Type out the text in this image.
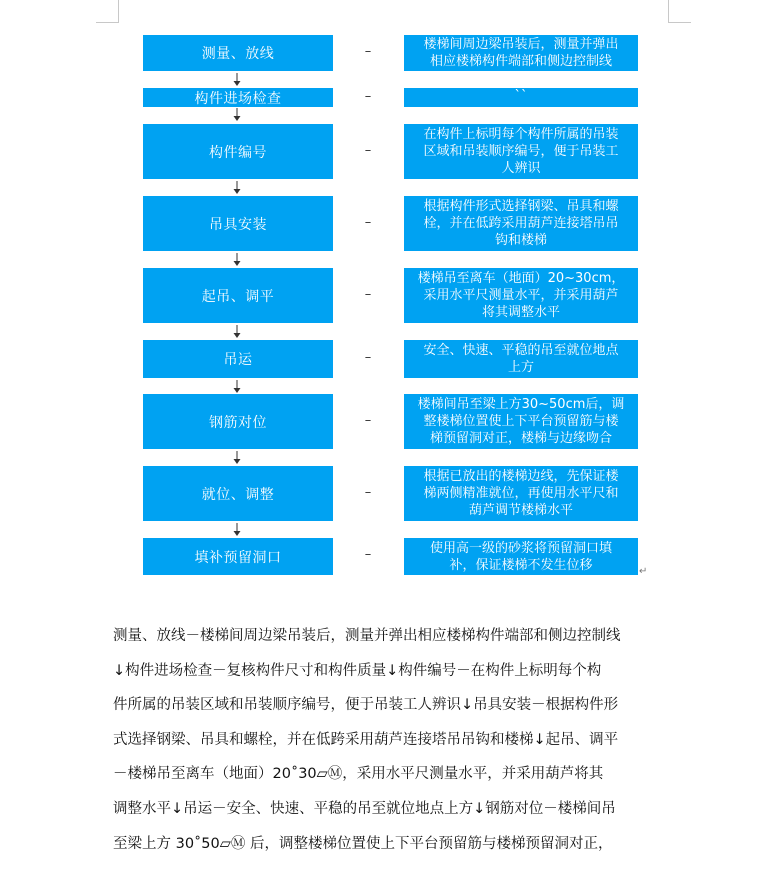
测量、放线	–	楼梯间周边梁吊装后，测量并弹出
相应楼梯构件端部和侧边控制线
构件进场检查	–	``
构件编号	–
在构件上标明每个构件所属的吊装
区域和吊装顺序编号，便于吊装工
人辨识
吊具安装	–
根据构件形式选择钢梁、吊具和螺
栓，并在低跨采用葫芦连接塔吊吊
钩和楼梯
起吊、调平	–
楼梯吊至离车（地面）20~30cm，
采用水平尺测量水平，并采用葫芦
将其调整水平
吊运	–	安全、快速、平稳的吊至就位地点
上方
钢筋对位	–
楼梯间吊至梁上方30~50cm后，调
整楼梯位置使上下平台预留筋与楼
梯预留洞对正，楼梯与边缘吻合
就位、调整	–
根据已放出的楼梯边线，先保证楼
梯两侧精准就位，再使用水平尺和
葫芦调节楼梯水平
填补预留洞口	–	使用高一级的砂浆将预留洞口填
补，保证楼梯不发生位移	↵
测量、放线－楼梯间周边梁吊装后，测量并弹出相应楼梯构件端部和侧边控制线
↓构件进场检查－复核构件尺寸和构件质量↓构件编号－在构件上标明每个构
件所属的吊装区域和吊装顺序编号，便于吊装工人辨识↓吊具安装－根据构件形
式选择钢梁、吊具和螺栓，并在低跨采用葫芦连接塔吊吊钩和楼梯↓起吊、调平
－楼梯吊至离车（地面）20˚30▱Ⓜ，采用水平尺测量水平，并采用葫芦将其
调整水平↓吊运－安全、快速、平稳的吊至就位地点上方↓钢筋对位－楼梯间吊
至梁上方 30˚50▱Ⓜ 后，调整楼梯位置使上下平台预留筋与楼梯预留洞对正，
